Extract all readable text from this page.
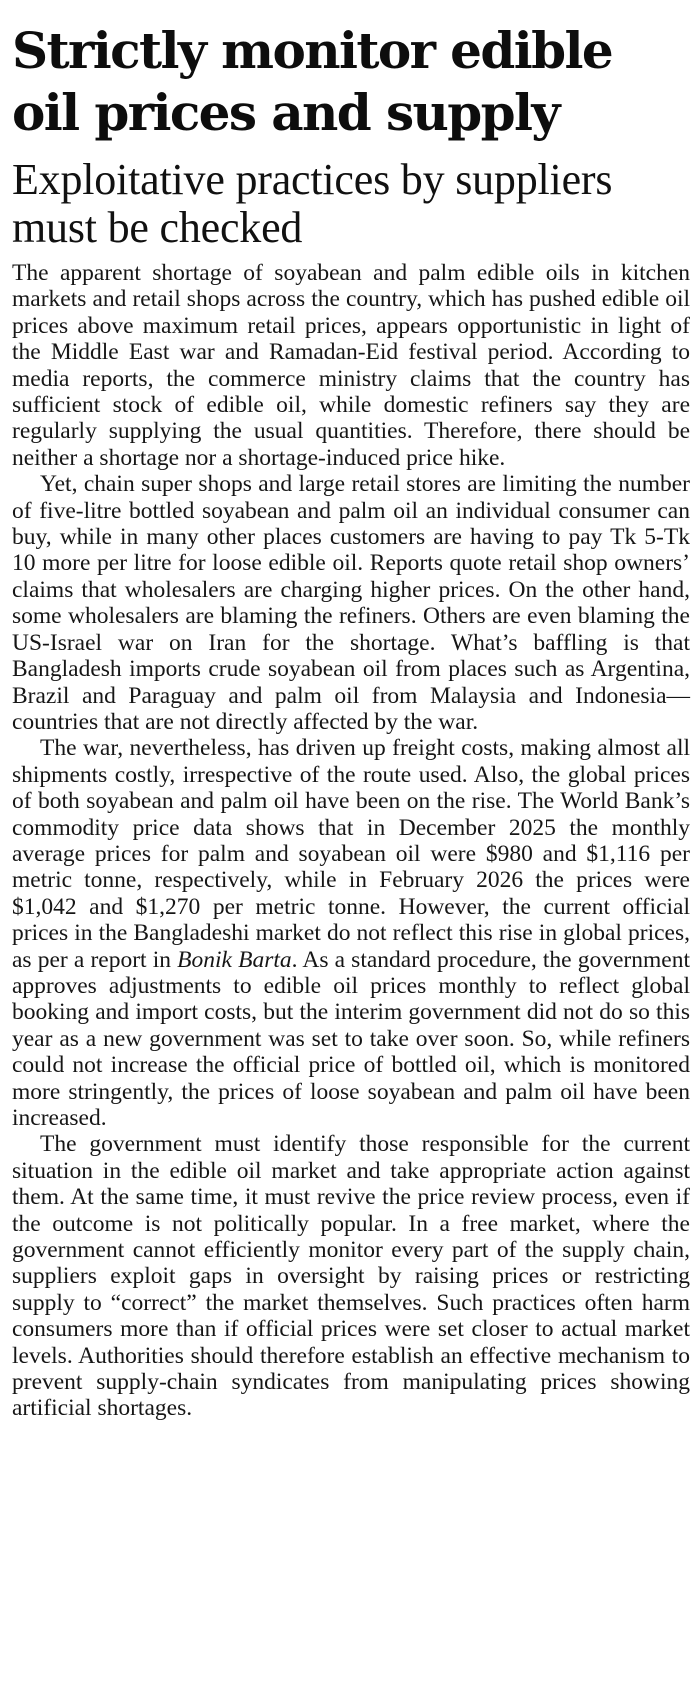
Strictly monitor edible oil prices and supply
Exploitative practices by suppliers must be checked

The apparent shortage of soyabean and palm edible oils in kitchen markets and retail shops across the country, which has pushed edible oil prices above maximum retail prices, appears opportunistic in light of the Middle East war and Ramadan-Eid festival period. According to media reports, the commerce ministry claims that the country has sufficient stock of edible oil, while domestic refiners say they are regularly supplying the usual quantities. Therefore, there should be neither a shortage nor a shortage-induced price hike.

Yet, chain super shops and large retail stores are limiting the number of five-litre bottled soyabean and palm oil an individual consumer can buy, while in many other places customers are having to pay Tk 5-Tk 10 more per litre for loose edible oil. Reports quote retail shop owners’ claims that wholesalers are charging higher prices. On the other hand, some wholesalers are blaming the refiners. Others are even blaming the US-Israel war on Iran for the shortage. What’s baffling is that Bangladesh imports crude soyabean oil from places such as Argentina, Brazil and Paraguay and palm oil from Malaysia and Indonesia—countries that are not directly affected by the war.

The war, nevertheless, has driven up freight costs, making almost all shipments costly, irrespective of the route used. Also, the global prices of both soyabean and palm oil have been on the rise. The World Bank’s commodity price data shows that in December 2025 the monthly average prices for palm and soyabean oil were $980 and $1,116 per metric tonne, respectively, while in February 2026 the prices were $1,042 and $1,270 per metric tonne. However, the current official prices in the Bangladeshi market do not reflect this rise in global prices, as per a report in Bonik Barta. As a standard procedure, the government approves adjustments to edible oil prices monthly to reflect global booking and import costs, but the interim government did not do so this year as a new government was set to take over soon. So, while refiners could not increase the official price of bottled oil, which is monitored more stringently, the prices of loose soyabean and palm oil have been increased.

The government must identify those responsible for the current situation in the edible oil market and take appropriate action against them. At the same time, it must revive the price review process, even if the outcome is not politically popular. In a free market, where the government cannot efficiently monitor every part of the supply chain, suppliers exploit gaps in oversight by raising prices or restricting supply to “correct” the market themselves. Such practices often harm consumers more than if official prices were set closer to actual market levels. Authorities should therefore establish an effective mechanism to prevent supply-chain syndicates from manipulating prices showing artificial shortages.
